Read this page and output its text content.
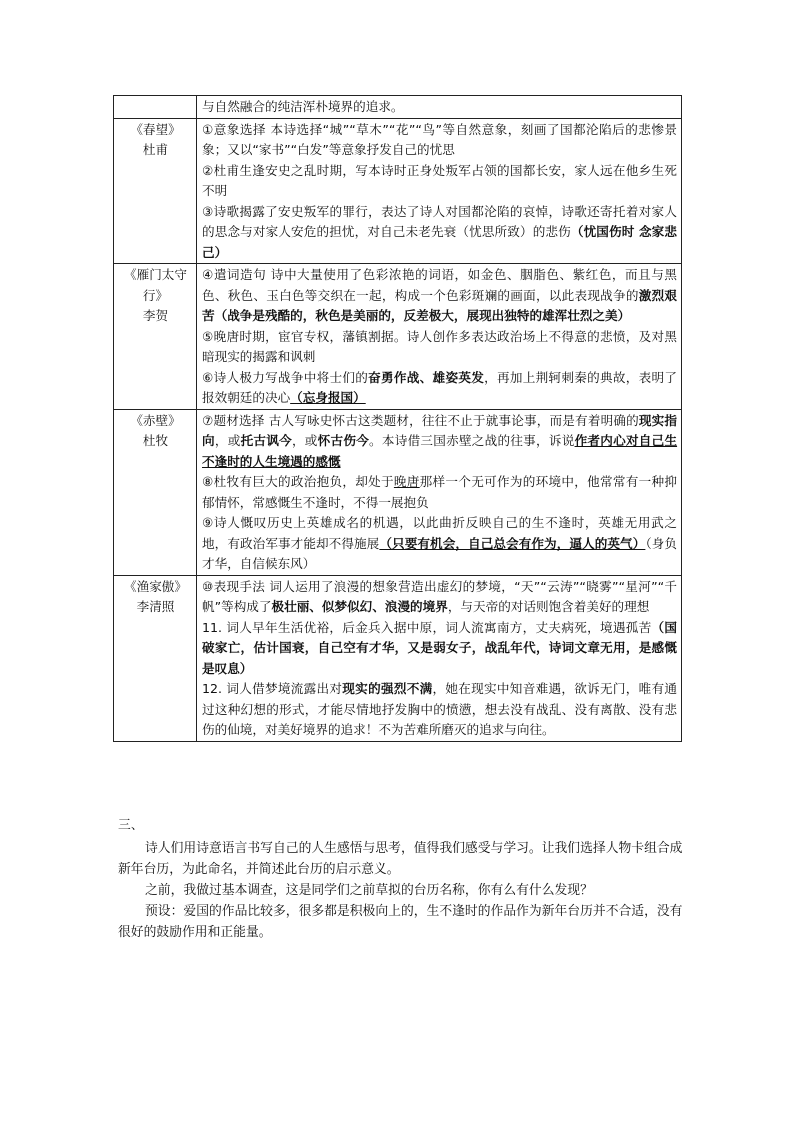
	与自然融合的纯洁浑朴境界的追求。

《春望》
杜甫	①意象选择 本诗选择“城”“草木”“花”“鸟”等自然意象，刻画了国都沦陷后的悲惨景象；又以“家书”“白发”等意象抒发自己的忧思
②杜甫生逢安史之乱时期，写本诗时正身处叛军占领的国都长安，家人远在他乡生死不明
③诗歌揭露了安史叛军的罪行，表达了诗人对国都沦陷的哀悼，诗歌还寄托着对家人的思念与对家人安危的担忧，对自己未老先衰（忧思所致）的悲伤（忧国伤时 念家悲己）

《雁门太守行》
李贺	④遣词造句 诗中大量使用了色彩浓艳的词语，如金色、胭脂色、紫红色，而且与黑色、秋色、玉白色等交织在一起，构成一个色彩斑斓的画面，以此表现战争的激烈艰苦（战争是残酷的，秋色是美丽的，反差极大，展现出独特的雄浑壮烈之美）
⑤晚唐时期，宦官专权，藩镇割据。诗人创作多表达政治场上不得意的悲愤，及对黑暗现实的揭露和讽刺
⑥诗人极力写战争中将士们的奋勇作战、雄姿英发，再加上荆轲刺秦的典故，表明了报效朝廷的决心（忘身报国）

《赤壁》
杜牧	⑦题材选择 古人写咏史怀古这类题材，往往不止于就事论事，而是有着明确的现实指向，或托古讽今，或怀古伤今。本诗借三国赤壁之战的往事，诉说作者内心对自己生不逢时的人生境遇的感慨
⑧杜牧有巨大的政治抱负，却处于晚唐那样一个无可作为的环境中，他常常有一种抑郁情怀，常感慨生不逢时，不得一展抱负
⑨诗人慨叹历史上英雄成名的机遇，以此曲折反映自己的生不逢时，英雄无用武之地，有政治军事才能却不得施展（只要有机会，自己总会有作为，逼人的英气）（身负才华，自信候东风）

《渔家傲》
李清照	⑩表现手法 词人运用了浪漫的想象营造出虚幻的梦境，“天”“云涛”“晓雾”“星河”“千帆”等构成了极壮丽、似梦似幻、浪漫的境界，与天帝的对话则饱含着美好的理想
11. 词人早年生活优裕，后金兵入据中原，词人流寓南方，丈夫病死，境遇孤苦（国破家亡，估计国衰，自己空有才华，又是弱女子，战乱年代，诗词文章无用，是感慨是叹息）
12. 词人借梦境流露出对现实的强烈不满，她在现实中知音难遇，欲诉无门，唯有通过这种幻想的形式，才能尽情地抒发胸中的愤懑，想去没有战乱、没有离散、没有悲伤的仙境，对美好境界的追求！不为苦难所磨灭的追求与向往。
三、
诗人们用诗意语言书写自己的人生感悟与思考，值得我们感受与学习。让我们选择人物卡组合成新年台历，为此命名，并简述此台历的启示意义。
之前，我做过基本调查，这是同学们之前草拟的台历名称，你有么有什么发现？
预设：爱国的作品比较多，很多都是积极向上的，生不逢时的作品作为新年台历并不合适，没有很好的鼓励作用和正能量。
